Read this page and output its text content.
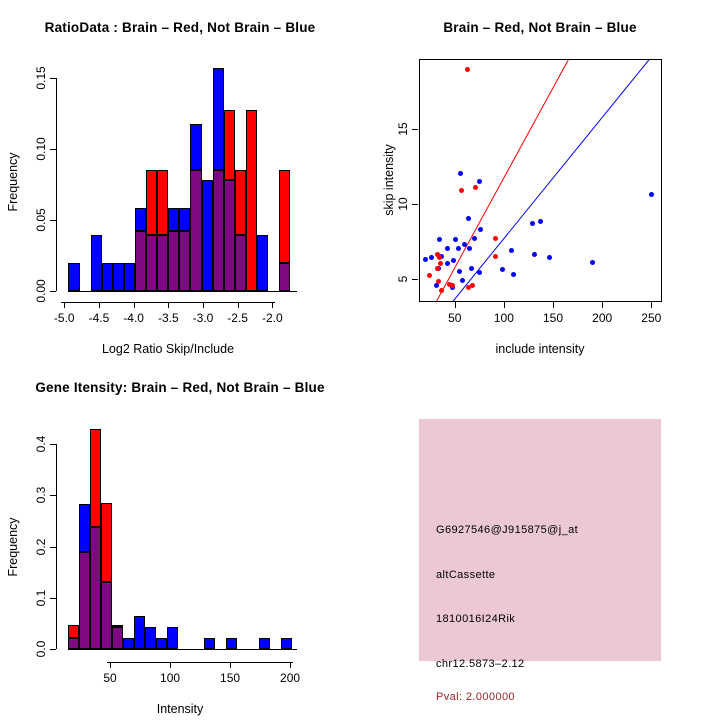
RatioData : Brain – Red, Not Brain – Blue
Log2 Ratio Skip/Include
Frequency
-5.0 -4.5 -4.0 -3.5 -3.0 -2.5 -2.0
0.00
0.05
0.10
0.15
Brain – Red, Not Brain – Blue
include intensity
skip intensity
50	100 150 200 250
5
10
15
Gene Itensity: Brain – Red, Not Brain – Blue
Intensity
Frequency
50	100	150	200
0.0
0.1
0.2
0.3
0.4
G6927546@J915875@j_at
altCassette
1810016I24Rik
chr12.5873–2.12
Pval: 2.000000
